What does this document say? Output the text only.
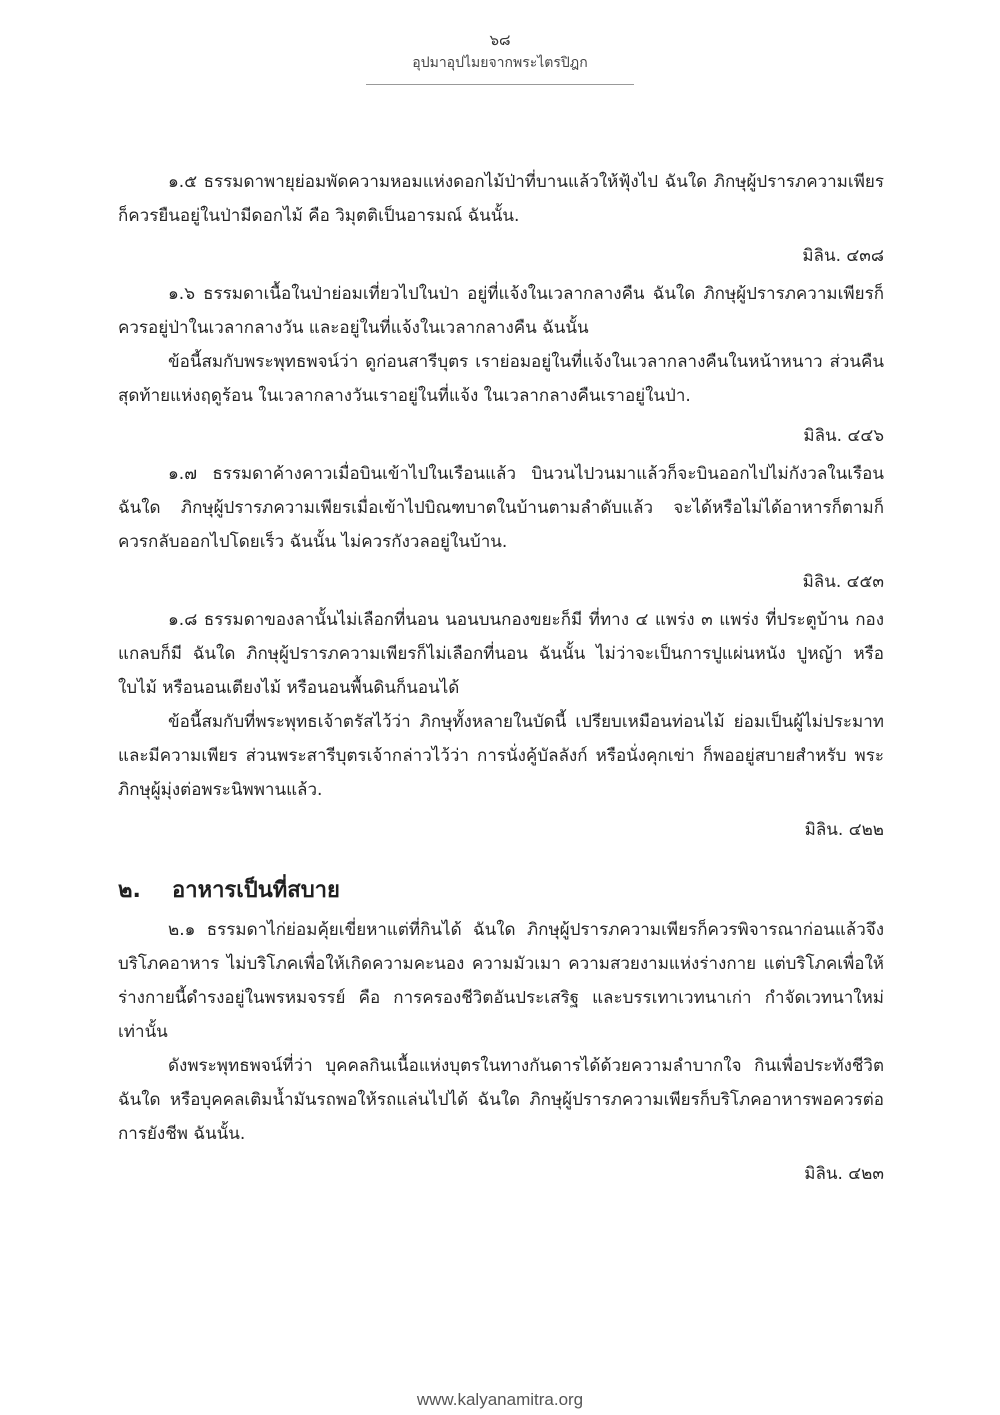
๖๘
อุปมาอุปไมยจากพระไตรปิฎก

๑.๕ ธรรมดาพายุย่อมพัดความหอมแห่งดอกไม้ป่าที่บานแล้วให้ฟุ้งไป ฉันใด ภิกษุผู้ปรารภความเพียรก็ควรยืนอยู่ในป่ามีดอกไม้ คือ วิมุตติเป็นอารมณ์ ฉันนั้น.

มิลิน. ๔๓๘

๑.๖ ธรรมดาเนื้อในป่าย่อมเที่ยวไปในป่า อยู่ที่แจ้งในเวลากลางคืน ฉันใด ภิกษุผู้ปรารภความเพียรก็ควรอยู่ป่าในเวลากลางวัน และอยู่ในที่แจ้งในเวลากลางคืน ฉันนั้น

ข้อนี้สมกับพระพุทธพจน์ว่า ดูก่อนสารีบุตร เราย่อมอยู่ในที่แจ้งในเวลากลางคืนในหน้าหนาว ส่วนคืนสุดท้ายแห่งฤดูร้อน ในเวลากลางวันเราอยู่ในที่แจ้ง ในเวลากลางคืนเราอยู่ในป่า.

มิลิน. ๔๔๖

๑.๗ ธรรมดาค้างคาวเมื่อบินเข้าไปในเรือนแล้ว บินวนไปวนมาแล้วก็จะบินออกไปไม่กังวลในเรือน ฉันใด ภิกษุผู้ปรารภความเพียรเมื่อเข้าไปบิณฑบาตในบ้านตามลำดับแล้ว จะได้หรือไม่ได้อาหารก็ตามก็ ควรกลับออกไปโดยเร็ว ฉันนั้น ไม่ควรกังวลอยู่ในบ้าน.

มิลิน. ๔๕๓

๑.๘ ธรรมดาของลานั้นไม่เลือกที่นอน นอนบนกองขยะก็มี ที่ทาง ๔ แพร่ง ๓ แพร่ง ที่ประตูบ้าน กองแกลบก็มี ฉันใด ภิกษุผู้ปรารภความเพียรก็ไม่เลือกที่นอน ฉันนั้น ไม่ว่าจะเป็นการปูแผ่นหนัง ปูหญ้า หรือใบไม้ หรือนอนเตียงไม้ หรือนอนพื้นดินก็นอนได้

ข้อนี้สมกับที่พระพุทธเจ้าตรัสไว้ว่า ภิกษุทั้งหลายในบัดนี้ เปรียบเหมือนท่อนไม้ ย่อมเป็นผู้ไม่ประมาท และมีความเพียร ส่วนพระสารีบุตรเจ้ากล่าวไว้ว่า การนั่งคู้บัลลังก์ หรือนั่งคุกเข่า ก็พออยู่สบายสำหรับ พระภิกษุผู้มุ่งต่อพระนิพพานแล้ว.

มิลิน. ๔๒๒
๒. อาหารเป็นที่สบาย

๒.๑ ธรรมดาไก่ย่อมคุ้ยเขี่ยหาแต่ที่กินได้ ฉันใด ภิกษุผู้ปรารภความเพียรก็ควรพิจารณาก่อนแล้วจึงบริโภคอาหาร ไม่บริโภคเพื่อให้เกิดความคะนอง ความมัวเมา ความสวยงามแห่งร่างกาย แต่บริโภคเพื่อให้ร่างกายนี้ดำรงอยู่ในพรหมจรรย์ คือ การครองชีวิตอันประเสริฐ และบรรเทาเวทนาเก่า กำจัดเวทนาใหม่เท่านั้น

ดังพระพุทธพจน์ที่ว่า บุคคลกินเนื้อแห่งบุตรในทางกันดารได้ด้วยความลำบากใจ กินเพื่อประทังชีวิต ฉันใด หรือบุคคลเติมน้ำมันรถพอให้รถแล่นไปได้ ฉันใด ภิกษุผู้ปรารภความเพียรก็บริโภคอาหารพอควรต่อการยังชีพ ฉันนั้น.

มิลิน. ๔๒๓
www.kalyanamitra.org
